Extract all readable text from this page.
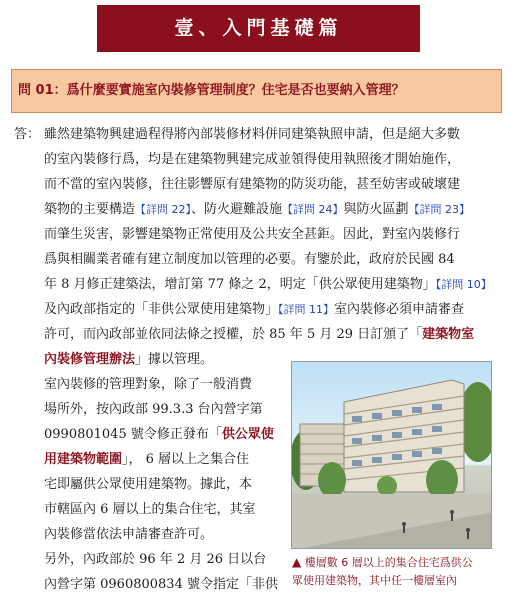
壹、入門基礎篇
問 01：爲什麼要實施室內裝修管理制度？住宅是否也要納入管理？
答： 雖然建築物興建過程得將內部裝修材料併同建築執照申請，但是絕大多數
的室內裝修行爲，均是在建築物興建完成並領得使用執照後才開始施作，
而不當的室內裝修，往往影響原有建築物的防災功能，甚至妨害或破壞建
築物的主要構造【詳問 22】、防火避難設施【詳問 24】與防火區劃【詳問 23】
而肇生災害，影響建築物正常使用及公共安全甚鉅。因此，對室內裝修行
爲與相關業者確有建立制度加以管理的必要。有鑒於此，政府於民國 84
年 8 月修正建築法，增訂第 77 條之 2，明定「供公眾使用建築物」【詳問 10】
及內政部指定的「非供公眾使用建築物」【詳問 11】室內裝修必須申請審查
許可，而內政部並依同法條之授權，於 85 年 5 月 29 日訂頒了「建築物室
內裝修管理辦法」據以管理。
室內裝修的管理對象，除了一般消費
場所外，按內政部 99.3.3 台內營字第
0990801045 號令修正發布「供公眾使
用建築物範圍」， 6 層以上之集合住
宅即屬供公眾使用建築物。據此，本
市轄區內 6 層以上的集合住宅，其室
內裝修當依法申請審查許可。
另外，內政部於 96 年 2 月 26 日以台
內營字第 0960800834 號令指定「非供
▲ 樓層數 6 層以上的集合住宅爲供公
眾使用建築物，其中任一樓層室內
